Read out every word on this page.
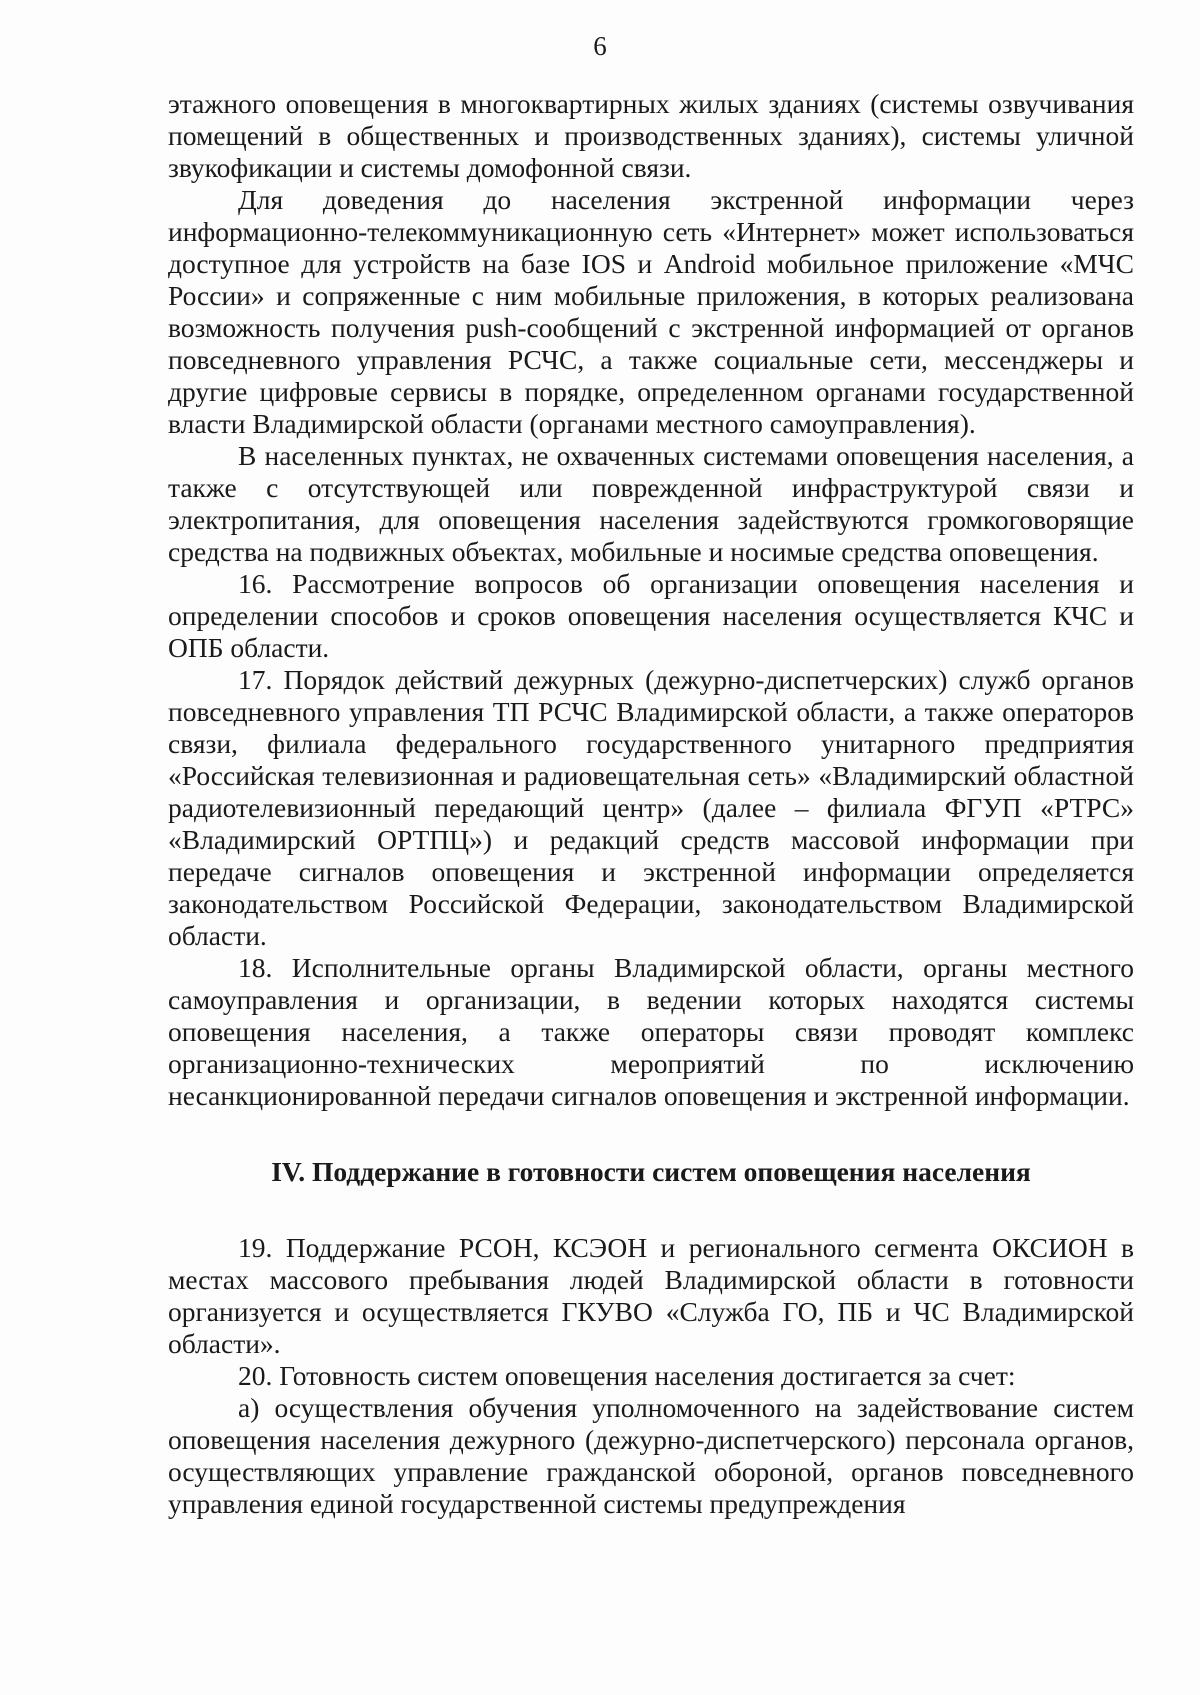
6

этажного оповещения в многоквартирных жилых зданиях (системы озвучивания помещений в общественных и производственных зданиях), системы уличной звукофикации и системы домофонной связи.

Для доведения до населения экстренной информации через информационно-телекоммуникационную сеть «Интернет» может использоваться доступное для устройств на базе IOS и Android мобильное приложение «МЧС России» и сопряженные с ним мобильные приложения, в которых реализована возможность получения push-сообщений с экстренной информацией от органов повседневного управления РСЧС, а также социальные сети, мессенджеры и другие цифровые сервисы в порядке, определенном органами государственной власти Владимирской области (органами местного самоуправления).

В населенных пунктах, не охваченных системами оповещения населения, а также с отсутствующей или поврежденной инфраструктурой связи и электропитания, для оповещения населения задействуются громкоговорящие средства на подвижных объектах, мобильные и носимые средства оповещения.

16. Рассмотрение вопросов об организации оповещения населения и определении способов и сроков оповещения населения осуществляется КЧС и ОПБ области.

17. Порядок действий дежурных (дежурно-диспетчерских) служб органов повседневного управления ТП РСЧС Владимирской области, а также операторов связи, филиала федерального государственного унитарного предприятия «Российская телевизионная и радиовещательная сеть» «Владимирский областной радиотелевизионный передающий центр» (далее – филиала ФГУП «РТРС» «Владимирский ОРТПЦ») и редакций средств массовой информации при передаче сигналов оповещения и экстренной информации определяется законодательством Российской Федерации, законодательством Владимирской области.

18. Исполнительные органы Владимирской области, органы местного самоуправления и организации, в ведении которых находятся системы оповещения населения, а также операторы связи проводят комплекс организационно-технических мероприятий по исключению несанкционированной передачи сигналов оповещения и экстренной информации.

IV. Поддержание в готовности систем оповещения населения

19. Поддержание РСОН, КСЭОН и регионального сегмента ОКСИОН в местах массового пребывания людей Владимирской области в готовности организуется и осуществляется ГКУВО «Служба ГО, ПБ и ЧС Владимирской области».

20. Готовность систем оповещения населения достигается за счет:

а) осуществления обучения уполномоченного на задействование систем оповещения населения дежурного (дежурно-диспетчерского) персонала органов, осуществляющих управление гражданской обороной, органов повседневного управления единой государственной системы предупреждения
